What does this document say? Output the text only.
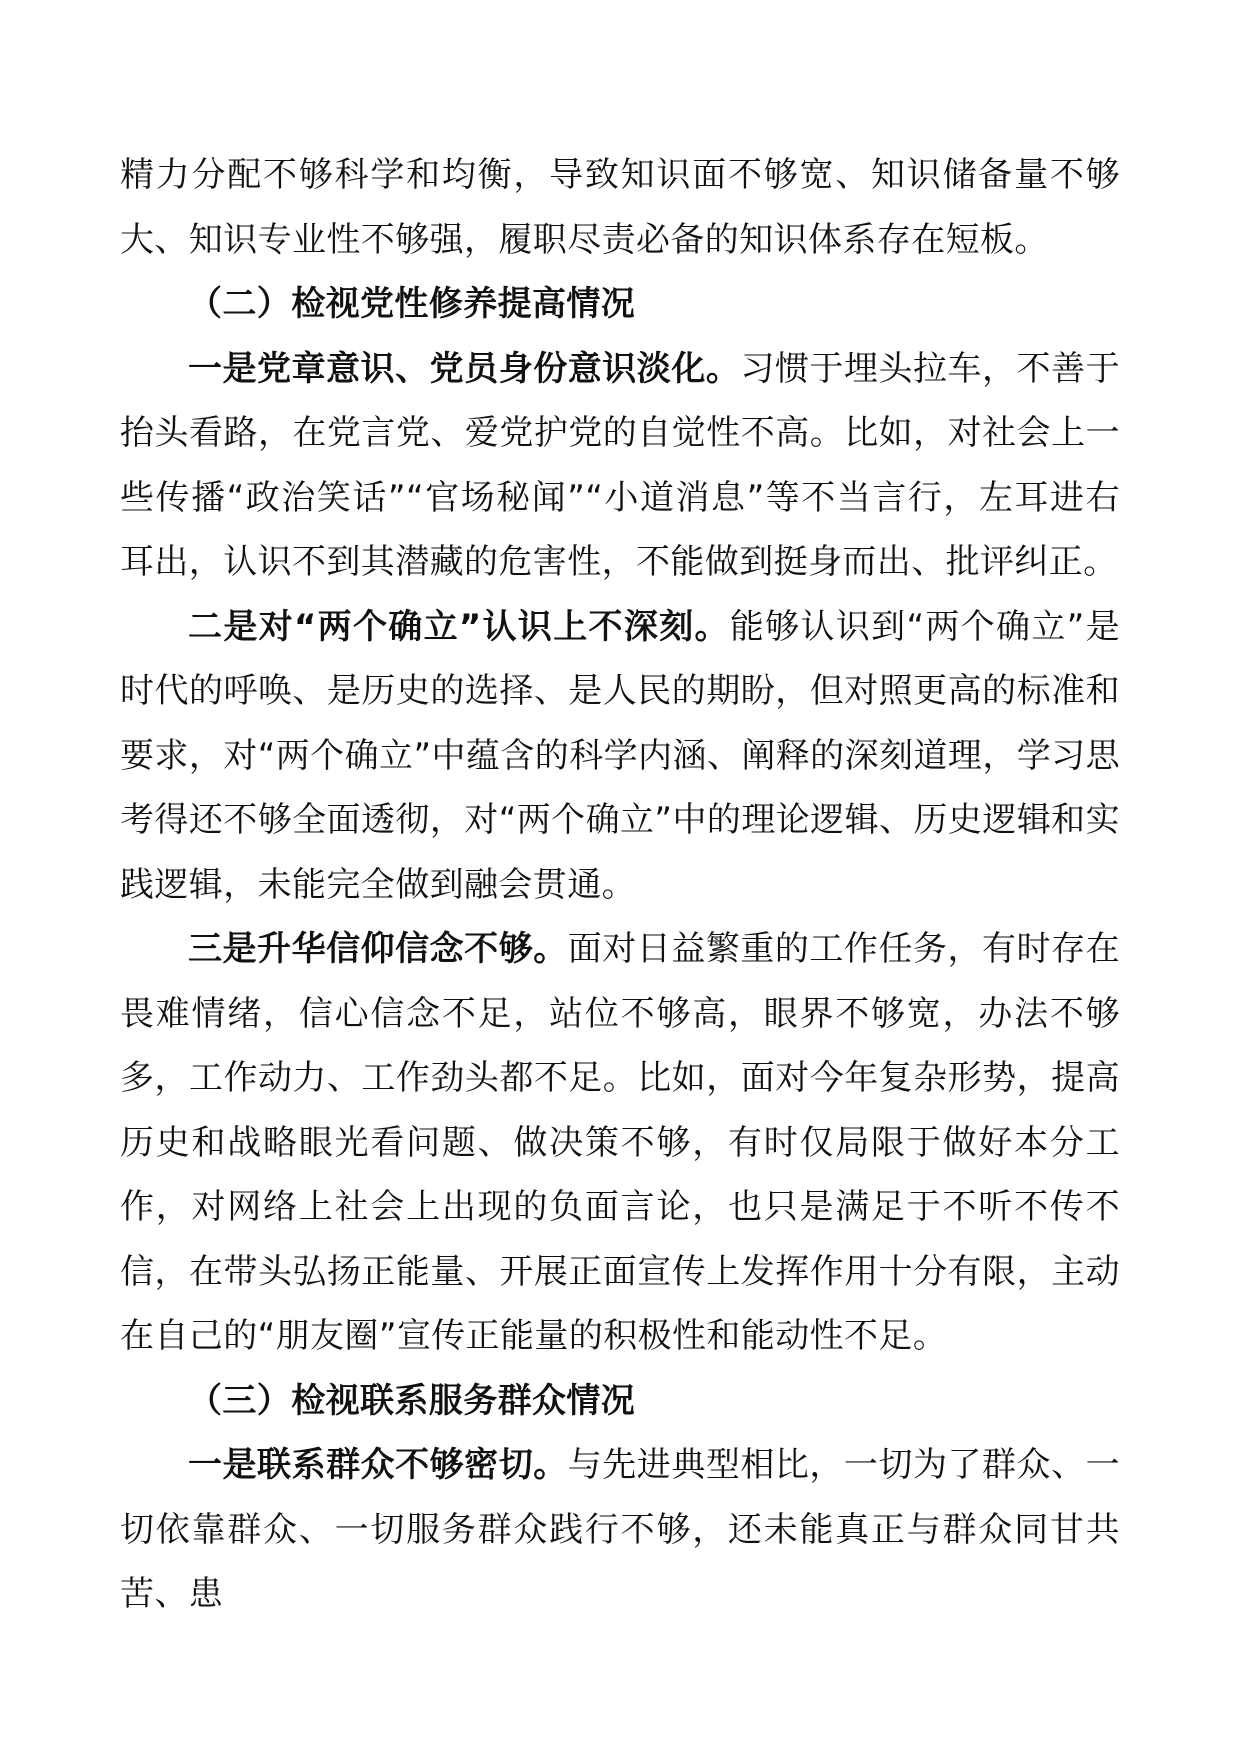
精力分配不够科学和均衡，导致知识面不够宽、知识储备量不够大、知识专业性不够强，履职尽责必备的知识体系存在短板。

（二）检视党性修养提高情况

一是党章意识、党员身份意识淡化。习惯于埋头拉车，不善于抬头看路，在党言党、爱党护党的自觉性不高。比如，对社会上一些传播“政治笑话”“官场秘闻”“小道消息”等不当言行，左耳进右耳出，认识不到其潜藏的危害性，不能做到挺身而出、批评纠正。

二是对“两个确立”认识上不深刻。能够认识到“两个确立”是时代的呼唤、是历史的选择、是人民的期盼，但对照更高的标准和要求，对“两个确立”中蕴含的科学内涵、阐释的深刻道理，学习思考得还不够全面透彻，对“两个确立”中的理论逻辑、历史逻辑和实践逻辑，未能完全做到融会贯通。

三是升华信仰信念不够。面对日益繁重的工作任务，有时存在畏难情绪，信心信念不足，站位不够高，眼界不够宽，办法不够多，工作动力、工作劲头都不足。比如，面对今年复杂形势，提高历史和战略眼光看问题、做决策不够，有时仅局限于做好本分工作，对网络上社会上出现的负面言论，也只是满足于不听不传不信，在带头弘扬正能量、开展正面宣传上发挥作用十分有限，主动在自己的“朋友圈”宣传正能量的积极性和能动性不足。

（三）检视联系服务群众情况

一是联系群众不够密切。与先进典型相比，一切为了群众、一切依靠群众、一切服务群众践行不够，还未能真正与群众同甘共苦、患
